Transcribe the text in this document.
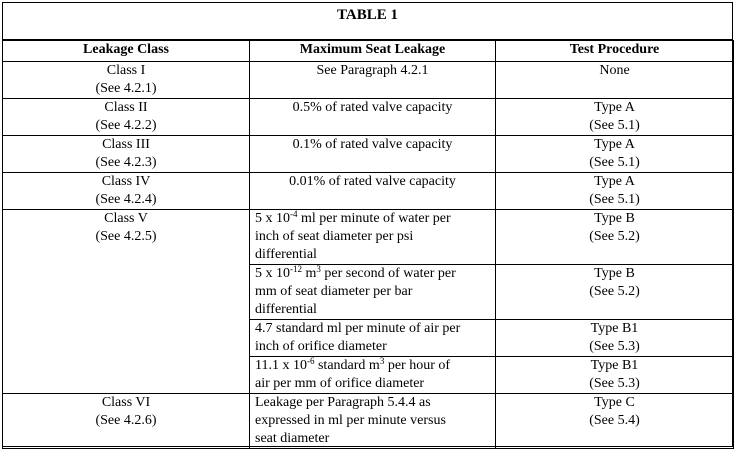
TABLE 1
Leakage Class	Maximum Seat Leakage	Test Procedure

Class I
(See 4.2.1)	See Paragraph 4.2.1	None

Class II
(See 4.2.2)	0.5% of rated valve capacity	Type A
(See 5.1)

Class III
(See 4.2.3)	0.1% of rated valve capacity	Type A
(See 5.1)

Class IV
(See 4.2.4)	0.01% of rated valve capacity	Type A
(See 5.1)

Class V
(See 4.2.5)	5 x $10^{-4}$ ml per minute of water per
inch of seat diameter per psi
differential	Type B
(See 5.2)

	5 x $10^{-12}$ $m^3$ per second of water per
mm of seat diameter per bar
differential	Type B
(See 5.2)

	4.7 standard ml per minute of air per
inch of orifice diameter	Type B1
(See 5.3)

	11.1 x $10^{-6}$ standard $m^3$ per hour of
air per mm of orifice diameter	Type B1
(See 5.3)

Class VI
(See 4.2.6)	Leakage per Paragraph 5.4.4 as
expressed in ml per minute versus
seat diameter	Type C
(See 5.4)
